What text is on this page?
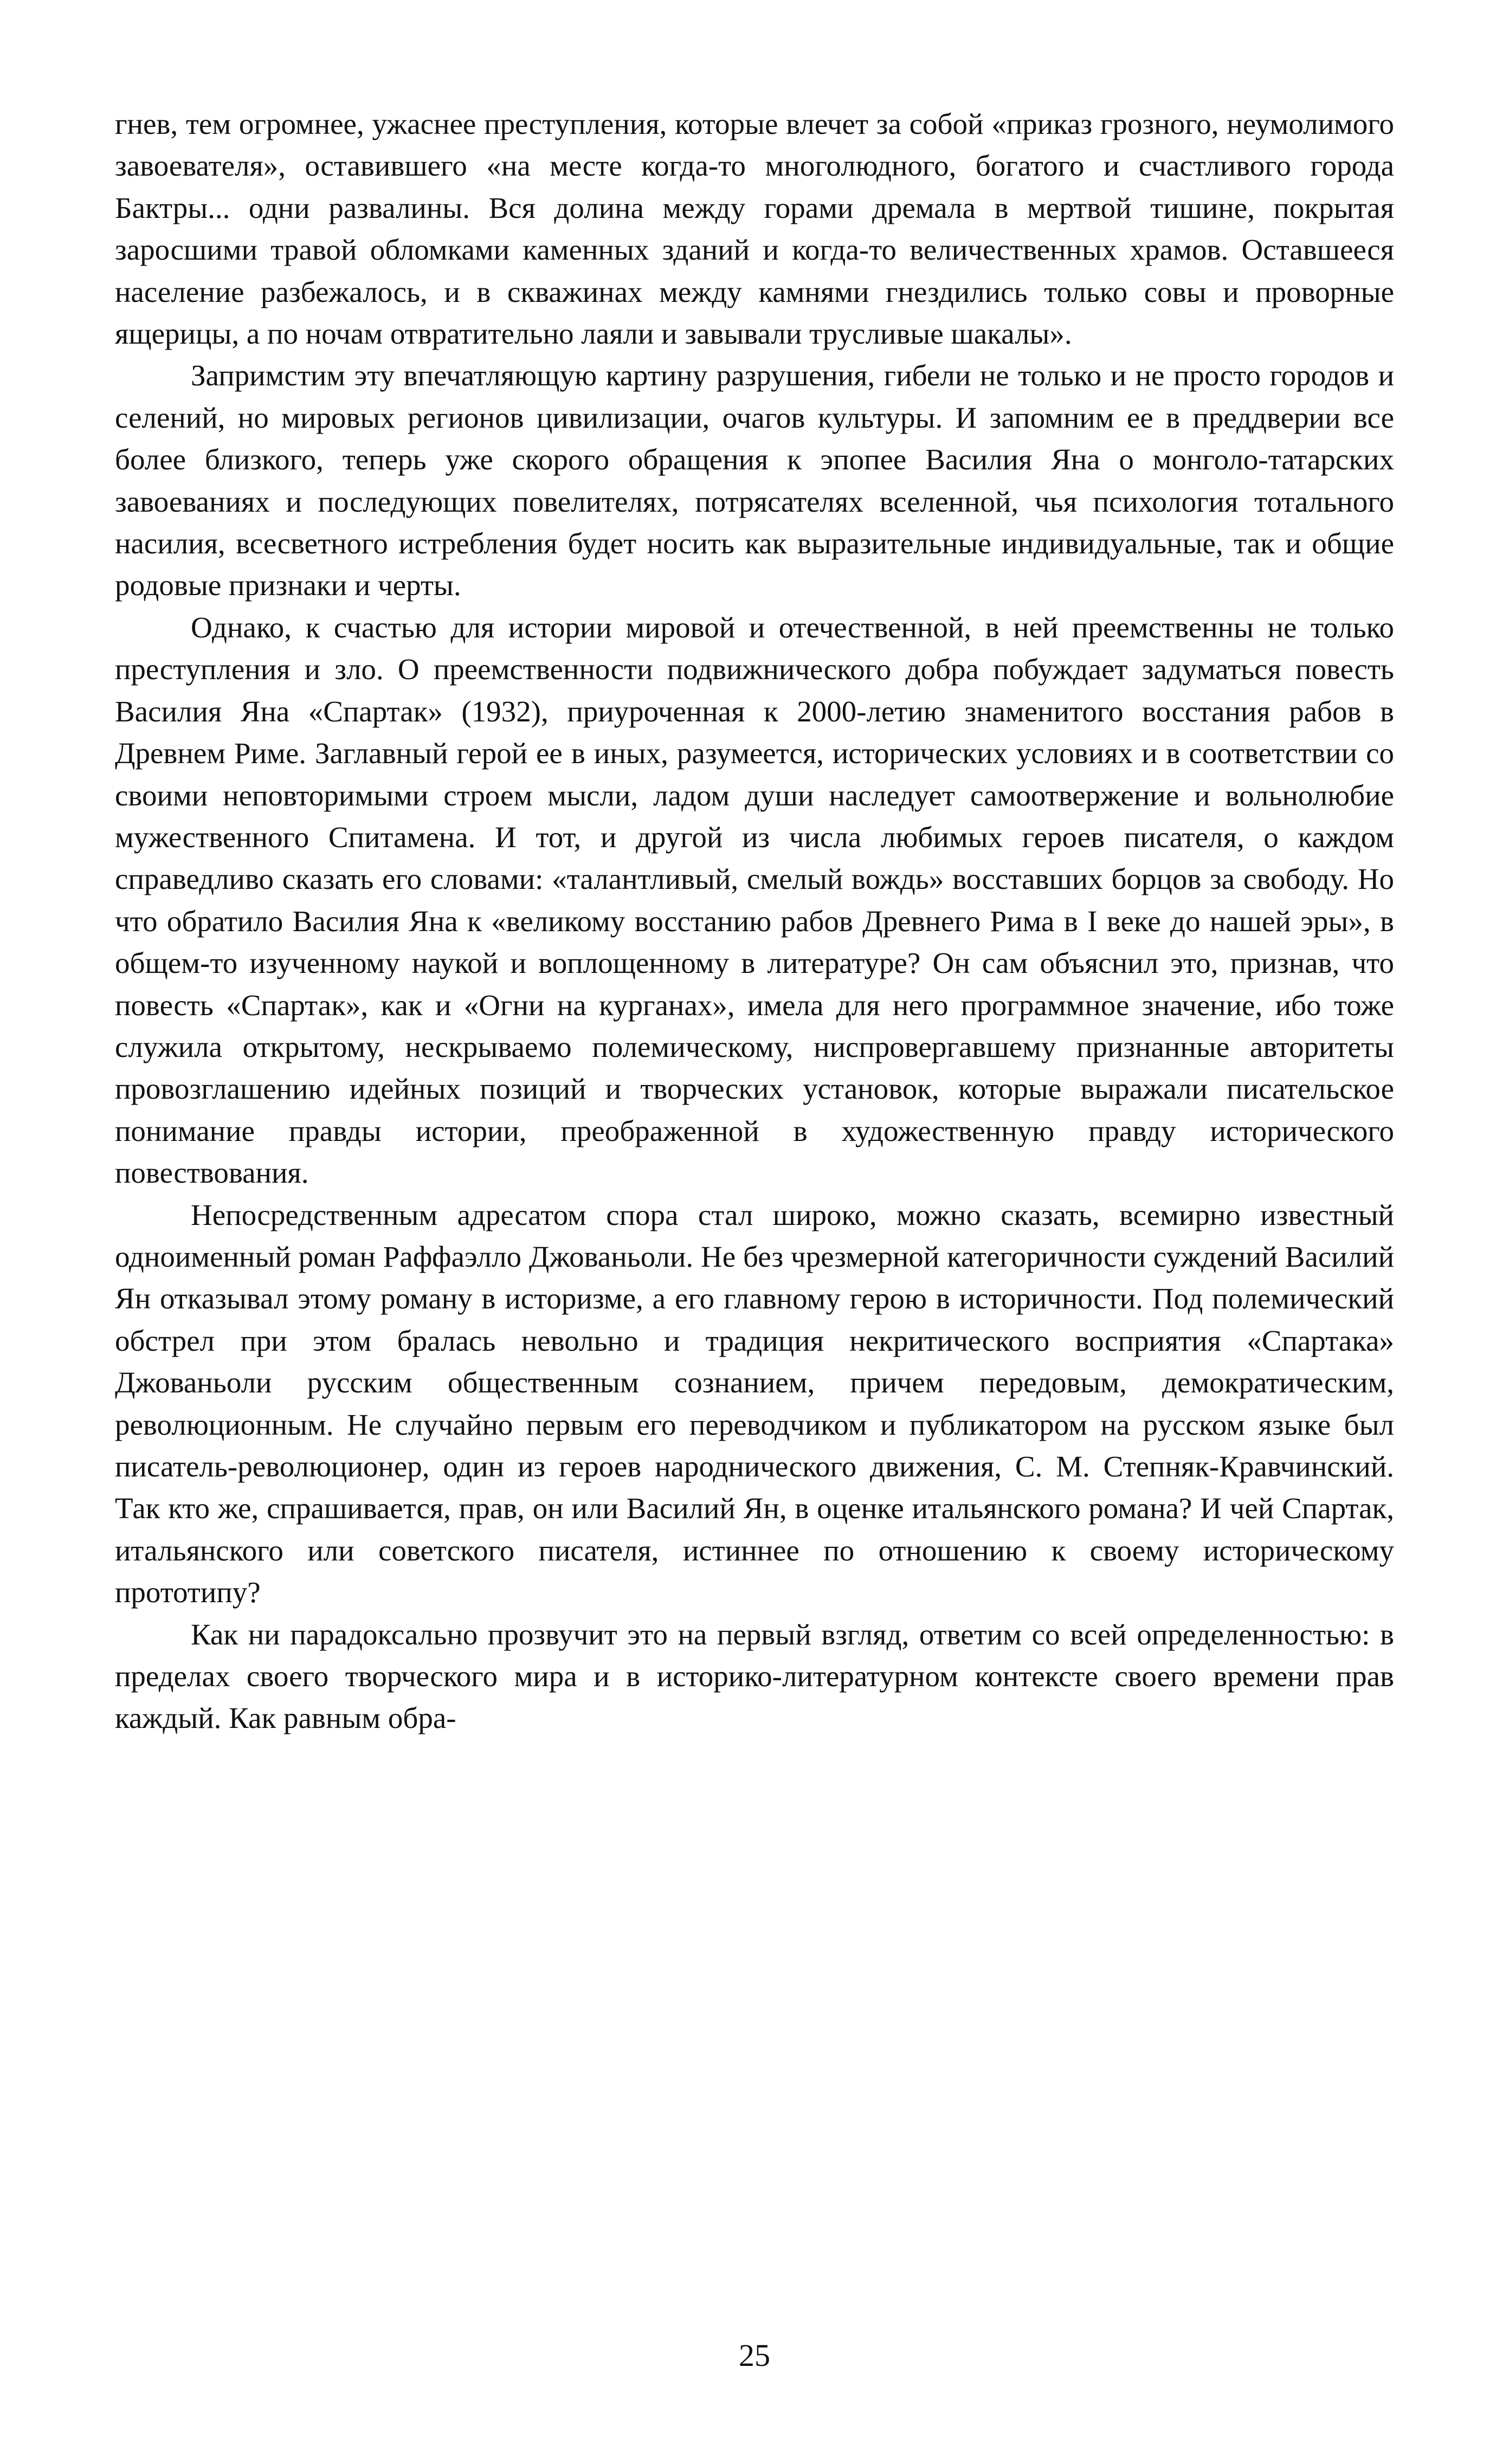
гнев, тем огромнее, ужаснее преступления, которые влечет за собой «приказ грозного, неумолимого завоевателя», оставившего «на месте когда-то многолюдного, богатого и счастливого города Бактры... одни развалины. Вся долина между горами дремала в мертвой тишине, покрытая заросшими травой обломками каменных зданий и когда-то величественных храмов. Оставшееся население разбежалось, и в скважинах между камнями гнездились только совы и проворные ящерицы, а по ночам отвратительно лаяли и завывали трусливые шакалы».

Запримстим эту впечатляющую картину разрушения, гибели не только и не просто городов и селений, но мировых регионов цивилизации, очагов культуры. И запомним ее в преддверии все более близкого, теперь уже скорого обращения к эпопее Василия Яна о монголо-татарских завоеваниях и последующих повелителях, потрясателях вселенной, чья психология тотального насилия, всесветного истребления будет носить как выразительные индивидуальные, так и общие родовые признаки и черты.

Однако, к счастью для истории мировой и отечественной, в ней преемственны не только преступления и зло. О преемственности подвижнического добра побуждает задуматься повесть Василия Яна «Спартак» (1932), приуроченная к 2000-летию знаменитого восстания рабов в Древнем Риме. Заглавный герой ее в иных, разумеется, исторических условиях и в соответствии со своими неповторимыми строем мысли, ладом души наследует самоотвержение и вольнолюбие мужественного Спитамена. И тот, и другой из числа любимых героев писателя, о каждом справедливо сказать его словами: «талантливый, смелый вождь» восставших борцов за свободу. Но что обратило Василия Яна к «великому восстанию рабов Древнего Рима в I веке до нашей эры», в общем-то изученному наукой и воплощенному в литературе? Он сам объяснил это, признав, что повесть «Спартак», как и «Огни на курганах», имела для него программное значение, ибо тоже служила открытому, нескрываемо полемическому, ниспровергавшему признанные авторитеты провозглашению идейных позиций и творческих установок, которые выражали писательское понимание правды истории, преображенной в художественную правду исторического повествования.

Непосредственным адресатом спора стал широко, можно сказать, всемирно известный одноименный роман Раффаэлло Джованьоли. Не без чрезмерной категоричности суждений Василий Ян отказывал этому роману в историзме, а его главному герою в историчности. Под полемический обстрел при этом бралась невольно и традиция некритического восприятия «Спартака» Джованьоли русским общественным сознанием, причем передовым, демократическим, революционным. Не случайно первым его переводчиком и публикатором на русском языке был писатель-революционер, один из героев народнического движения, С. М. Степняк-Кравчинский. Так кто же, спрашивается, прав, он или Василий Ян, в оценке итальянского романа? И чей Спартак, итальянского или советского писателя, истиннее по отношению к своему историческому прототипу?

Как ни парадоксально прозвучит это на первый взгляд, ответим со всей определенностью: в пределах своего творческого мира и в историко-литературном контексте своего времени прав каждый. Как равным обра-

25
